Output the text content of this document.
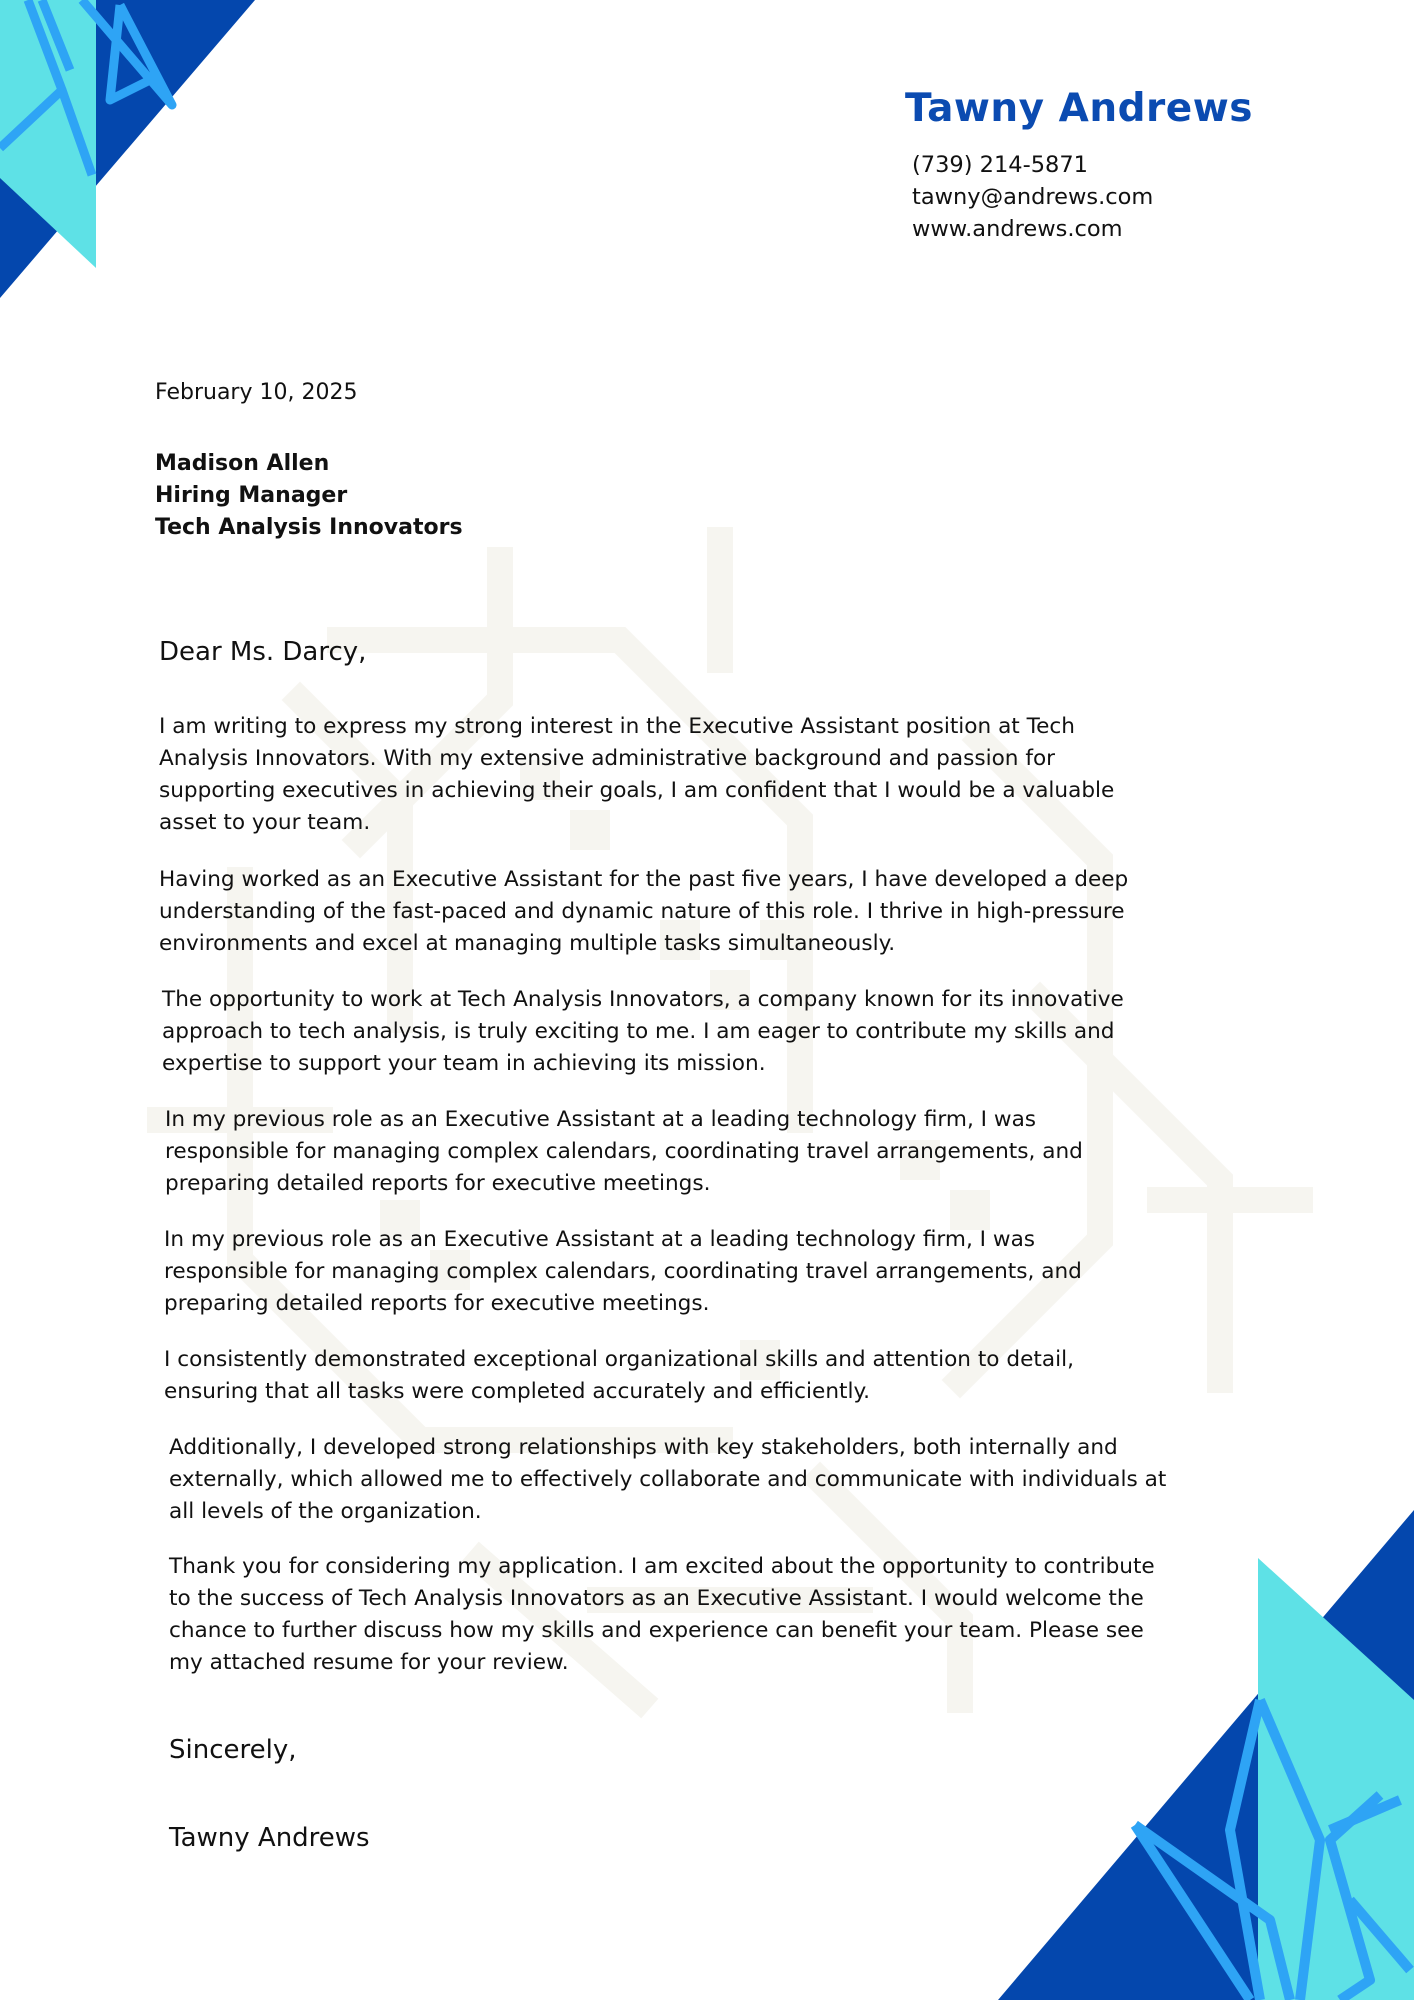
Tawny Andrews
(739) 214-5871
tawny@andrews.com
www.andrews.com
February 10, 2025
Madison Allen
Hiring Manager
Tech Analysis Innovators
Dear Ms. Darcy,
I am writing to express my strong interest in the Executive Assistant position at Tech Analysis Innovators. With my extensive administrative background and passion for supporting executives in achieving their goals, I am confident that I would be a valuable asset to your team.
Having worked as an Executive Assistant for the past five years, I have developed a deep understanding of the fast-paced and dynamic nature of this role. I thrive in high-pressure environments and excel at managing multiple tasks simultaneously.
The opportunity to work at Tech Analysis Innovators, a company known for its innovative approach to tech analysis, is truly exciting to me. I am eager to contribute my skills and expertise to support your team in achieving its mission.
In my previous role as an Executive Assistant at a leading technology firm, I was responsible for managing complex calendars, coordinating travel arrangements, and preparing detailed reports for executive meetings.
In my previous role as an Executive Assistant at a leading technology firm, I was responsible for managing complex calendars, coordinating travel arrangements, and preparing detailed reports for executive meetings.
I consistently demonstrated exceptional organizational skills and attention to detail, ensuring that all tasks were completed accurately and efficiently.
Additionally, I developed strong relationships with key stakeholders, both internally and externally, which allowed me to effectively collaborate and communicate with individuals at all levels of the organization.
Thank you for considering my application. I am excited about the opportunity to contribute to the success of Tech Analysis Innovators as an Executive Assistant. I would welcome the chance to further discuss how my skills and experience can benefit your team. Please see my attached resume for your review.
Sincerely,
Tawny Andrews
